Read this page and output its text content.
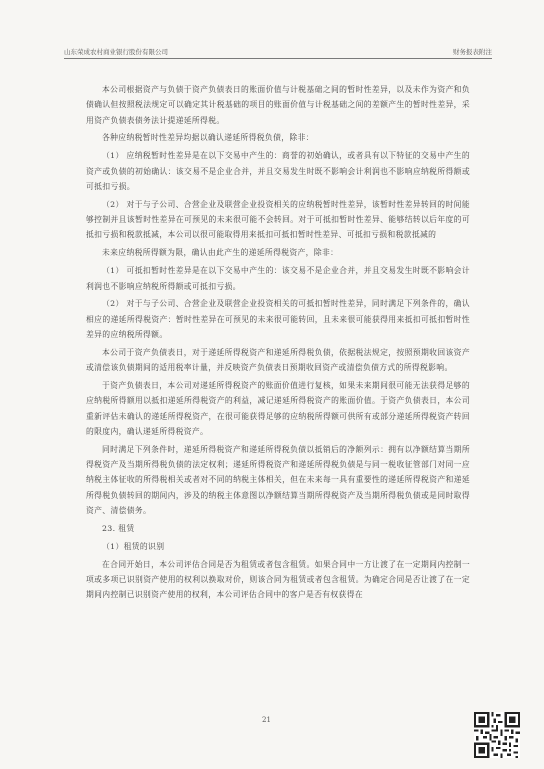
山东荣成农村商业银行股份有限公司	财务报表附注

本公司根据资产与负债于资产负债表日的账面价值与计税基础之间的暂时性差异，以及未作为资产和负债确认但按照税法规定可以确定其计税基础的项目的账面价值与计税基础之间的差额产生的暂时性差异，采用资产负债表债务法计提递延所得税。

各种应纳税暂时性差异均据以确认递延所得税负债，除非：

（1） 应纳税暂时性差异是在以下交易中产生的：商誉的初始确认，或者具有以下特征的交易中产生的资产或负债的初始确认：该交易不是企业合并，并且交易发生时既不影响会计利润也不影响应纳税所得额或可抵扣亏损。

（2） 对于与子公司、合营企业及联营企业投资相关的应纳税暂时性差异，该暂时性差异转回的时间能够控制并且该暂时性差异在可预见的未来很可能不会转回。对于可抵扣暂时性差异、能够结转以后年度的可抵扣亏损和税款抵减，本公司以很可能取得用来抵扣可抵扣暂时性差异、可抵扣亏损和税款抵减的

未来应纳税所得额为限，确认由此产生的递延所得税资产，除非：

（1） 可抵扣暂时性差异是在以下交易中产生的：该交易不是企业合并，并且交易发生时既不影响会计利润也不影响应纳税所得额或可抵扣亏损。

（2） 对于与子公司、合营企业及联营企业投资相关的可抵扣暂时性差异，同时满足下列条件的，确认相应的递延所得税资产：暂时性差异在可预见的未来很可能转回，且未来很可能获得用来抵扣可抵扣暂时性差异的应纳税所得额。

本公司于资产负债表日，对于递延所得税资产和递延所得税负债，依据税法规定，按照预期收回该资产或清偿该负债期间的适用税率计量，并反映资产负债表日预期收回资产或清偿负债方式的所得税影响。

于资产负债表日，本公司对递延所得税资产的账面价值进行复核，如果未来期间很可能无法获得足够的应纳税所得额用以抵扣递延所得税资产的利益，减记递延所得税资产的账面价值。于资产负债表日，本公司重新评估未确认的递延所得税资产，在很可能获得足够的应纳税所得额可供所有或部分递延所得税资产转回的限度内，确认递延所得税资产。

同时满足下列条件时，递延所得税资产和递延所得税负债以抵销后的净额列示：拥有以净额结算当期所得税资产及当期所得税负债的法定权利；递延所得税资产和递延所得税负债是与同一税收征管部门对同一应纳税主体征收的所得税相关或者对不同的纳税主体相关，但在未来每一具有重要性的递延所得税资产和递延所得税负债转回的期间内，涉及的纳税主体意图以净额结算当期所得税资产及当期所得税负债或是同时取得资产、清偿债务。

23. 租赁

（1）租赁的识别

在合同开始日，本公司评估合同是否为租赁或者包含租赁。如果合同中一方让渡了在一定期间内控制一项或多项已识别资产使用的权利以换取对价，则该合同为租赁或者包含租赁。为确定合同是否让渡了在一定期间内控制已识别资产使用的权利，本公司评估合同中的客户是否有权获得在

21
